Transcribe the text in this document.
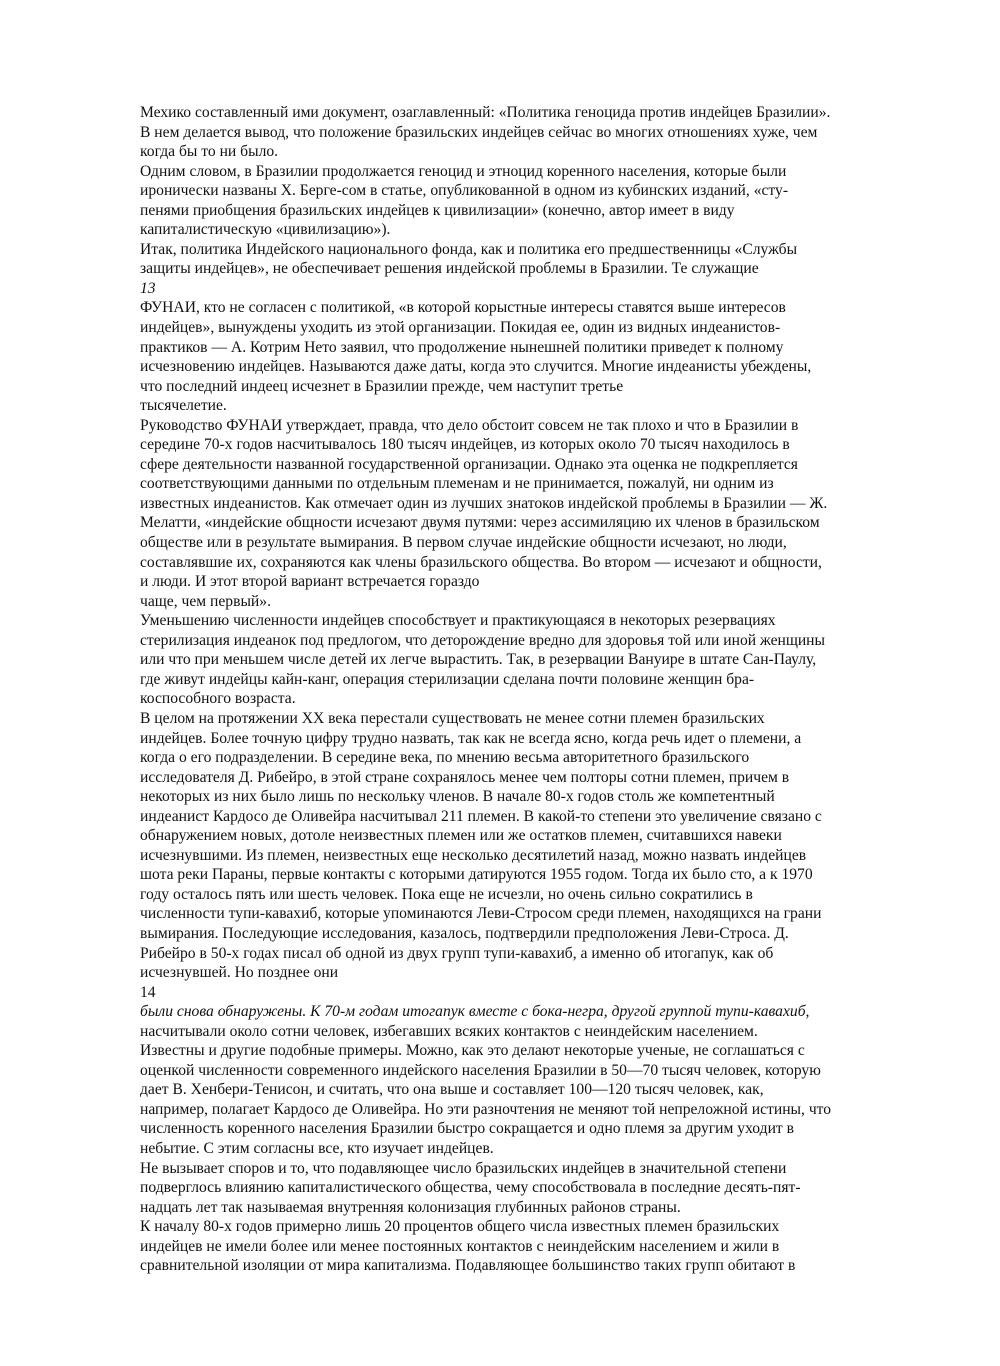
Мехико составленный ими документ, озаглавленный: «Политика геноцида против индейцев Бразилии».
В нем делается вывод, что положение бразильских индейцев сейчас во многих отношениях хуже, чем
когда бы то ни было.
Одним словом, в Бразилии продолжается геноцид и этноцид коренного населения, которые были
иронически названы X. Берге-сом в статье, опубликованной в одном из кубинских изданий, «сту-
пенями приобщения бразильских индейцев к цивилизации» (конечно, автор имеет в виду
капиталистическую «цивилизацию»).
Итак, политика Индейского национального фонда, как и политика его предшественницы «Службы
защиты индейцев», не обеспечивает решения индейской проблемы в Бразилии. Те служащие
13
ФУНАИ, кто не согласен с политикой, «в которой корыстные интересы ставятся выше интересов
индейцев», вынуждены уходить из этой организации. Покидая ее, один из видных индеанистов-
практиков — А. Котрим Нето заявил, что продолжение нынешней политики приведет к полному
исчезновению индейцев. Называются даже даты, когда это случится. Многие индеанисты убеждены,
что последний индеец исчезнет в Бразилии прежде, чем наступит третье
тысячелетие.
Руководство ФУНАИ утверждает, правда, что дело обстоит совсем не так плохо и что в Бразилии в
середине 70-х годов насчитывалось 180 тысяч индейцев, из которых около 70 тысяч находилось в
сфере деятельности названной государственной организации. Однако эта оценка не подкрепляется
соответствующими данными по отдельным племенам и не принимается, пожалуй, ни одним из
известных индеанистов. Как отмечает один из лучших знатоков индейской проблемы в Бразилии — Ж.
Мелатти, «индейские общности исчезают двумя путями: через ассимиляцию их членов в бразильском
обществе или в результате вымирания. В первом случае индейские общности исчезают, но люди,
составлявшие их, сохраняются как члены бразильского общества. Во втором — исчезают и общности,
и люди. И этот второй вариант встречается гораздо
чаще, чем первый».
Уменьшению численности индейцев способствует и практикующаяся в некоторых резервациях
стерилизация индеанок под предлогом, что деторождение вредно для здоровья той или иной женщины
или что при меньшем числе детей их легче вырастить. Так, в резервации Вануире в штате Сан-Паулу,
где живут индейцы кайн-канг, операция стерилизации сделана почти половине женщин бра-
коспособного возраста.
В целом на протяжении XX века перестали существовать не менее сотни племен бразильских
индейцев. Более точную цифру трудно назвать, так как не всегда ясно, когда речь идет о племени, а
когда о его подразделении. В середине века, по мнению весьма авторитетного бразильского
исследователя Д. Рибейро, в этой стране сохранялось менее чем полторы сотни племен, причем в
некоторых из них было лишь по нескольку членов. В начале 80-х годов столь же компетентный
индеанист Кардосо де Оливейра насчитывал 211 племен. В какой-то степени это увеличение связано с
обнаружением новых, дотоле неизвестных племен или же остатков племен, считавшихся навеки
исчезнувшими. Из племен, неизвестных еще несколько десятилетий назад, можно назвать индейцев
шота реки Параны, первые контакты с которыми датируются 1955 годом. Тогда их было сто, а к 1970
году осталось пять или шесть человек. Пока еще не исчезли, но очень сильно сократились в
численности тупи-кавахиб, которые упоминаются Леви-Стросом среди племен, находящихся на грани
вымирания. Последующие исследования, казалось, подтвердили предположения Леви-Строса. Д.
Рибейро в 50-х годах писал об одной из двух групп тупи-кавахиб, а именно об итогапук, как об
исчезнувшей. Но позднее они
14
были снова обнаружены. К 70-м годам итогапук вместе с бока-негра, другой группой тупи-кавахиб,
насчитывали около сотни человек, избегавших всяких контактов с неиндейским населением.
Известны и другие подобные примеры. Можно, как это делают некоторые ученые, не соглашаться с
оценкой численности современного индейского населения Бразилии в 50—70 тысяч человек, которую
дает В. Хенбери-Тенисон, и считать, что она выше и составляет 100—120 тысяч человек, как,
например, полагает Кардосо де Оливейра. Но эти разночтения не меняют той непреложной истины, что
численность коренного населения Бразилии быстро сокращается и одно племя за другим уходит в
небытие. С этим согласны все, кто изучает индейцев.
Не вызывает споров и то, что подавляющее число бразильских индейцев в значительной степени
подверглось влиянию капиталистического общества, чему способствовала в последние десять-пят-
надцать лет так называемая внутренняя колонизация глубинных районов страны.
К началу 80-х годов примерно лишь 20 процентов общего числа известных племен бразильских
индейцев не имели более или менее постоянных контактов с неиндейским населением и жили в
сравнительной изоляции от мира капитализма. Подавляющее большинство таких групп обитают в
